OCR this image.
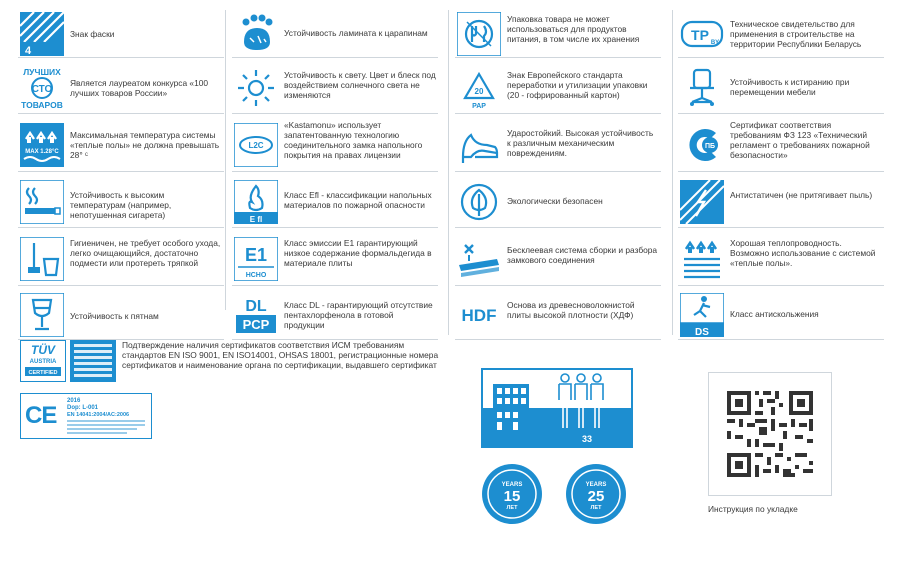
4
Знак фаски
ЛУЧШИХ
СТО
ТОВАРОВ
Является лауреатом конкурса «100 лучших товаров России»
MAX 1.28°C
Максимальная температура системы «теплые полы» не должна превышать 28° ᶜ
Устойчивость к высоким температурам (например, непотушенная сигарета)
Гигиеничен, не требует особого ухода, легко очищающийся, достаточно подмести или протереть тряпкой
Устойчивость к пятнам
Устойчивость ламината к царапинам
Устойчивость к свету. Цвет и блеск под воздействием солнечного света не изменяются
L2C
«Kastamonu» использует запатентованную технологию соединительного замка напольного покрытия на правах лицензии
E fl
Класс Efl - классификации напольных материалов по пожарной опасности
E1
НСНО
Класс эмиссии E1 гарантирующий низкое содержание формальдегида в материале плиты
DL
PCP
Класс DL - гарантирующий отсутствие пентахлорфенола в готовой продукции
Упаковка товара не может использоваться для продуктов питания, в том числе их хранения
20
PAP
Знак Европейского стандарта переработки и утилизации упаковки (20 - гофрированный картон)
Ударостойкий. Высокая устойчивость к различным механическим повреждениям.
Экологически безопасен
Бесклеевая система сборки и разбора замкового соединения
HDF
Основа из древесноволокнистой плиты высокой плотности (ХДФ)
TP BY
Техническое свидетельство для применения в строительстве на территории Республики Беларусь
Устойчивость к истиранию при перемещении мебели
ПБ
Сертификат соответствия требованиям ФЗ 123 «Технический регламент о требованиях пожарной безопасности»
Антистатичен (не притягивает пыль)
Хорошая теплопроводность. Возможно использование с системой «теплые полы».
DS
Класс антискольжения
TÜV
AUSTRIA
CERTIFIED
Подтверждение наличия сертификатов соответствия ИСМ требованиям стандартов EN ISO 9001, EN ISO14001, OHSAS 18001, регистрационные номера сертификатов и наименование органа по сертификации, выдавшего сертификат
CE
2016
Dop: L-001
EN 14041:2004/AC:2006
33
YEARS
15
ЛЕТ
YEARS
25
ЛЕТ	Инструкция по укладке
